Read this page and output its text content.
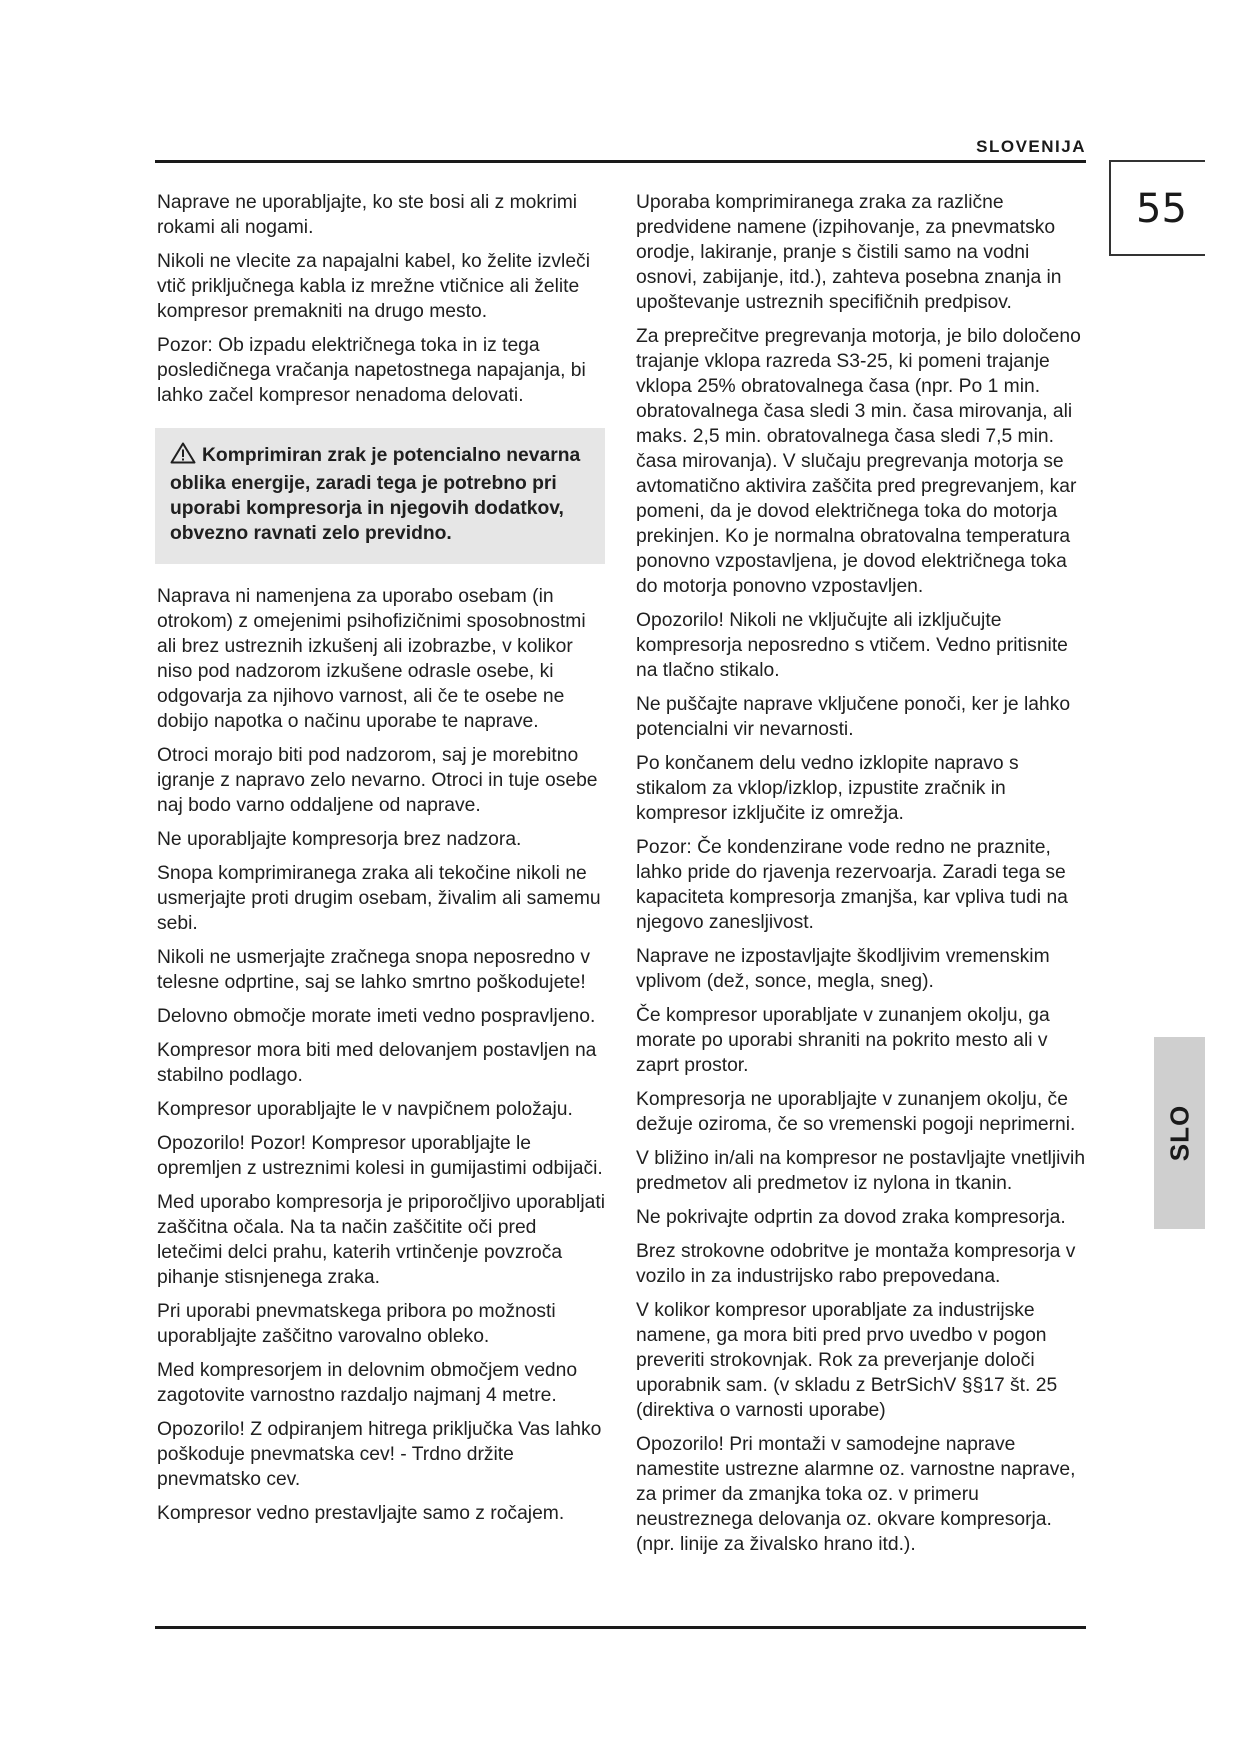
SLOVENIJA
55
SLO

Naprave ne uporabljajte, ko ste bosi ali z mokrimi rokami ali nogami.

Nikoli ne vlecite za napajalni kabel, ko želite izvleči vtič priključnega kabla iz mrežne vtičnice ali želite kompresor premakniti na drugo mesto.

Pozor: Ob izpadu električnega toka in iz tega posledičnega vračanja napetostnega napajanja, bi lahko začel kompresor nenadoma delovati.

Komprimiran zrak je potencialno nevarna oblika energije, zaradi tega je potrebno pri uporabi kompresorja in njegovih dodatkov, obvezno ravnati zelo previdno.

Naprava ni namenjena za uporabo osebam (in otrokom) z omejenimi psihofizičnimi sposobnostmi ali brez ustreznih izkušenj ali izobrazbe, v kolikor niso pod nadzorom izkušene odrasle osebe, ki odgovarja za njihovo varnost, ali če te osebe ne dobijo napotka o načinu uporabe te naprave.

Otroci morajo biti pod nadzorom, saj je morebitno igranje z napravo zelo nevarno. Otroci in tuje osebe naj bodo varno oddaljene od naprave.

Ne uporabljajte kompresorja brez nadzora.

Snopa komprimiranega zraka ali tekočine nikoli ne usmerjajte proti drugim osebam, živalim ali samemu sebi.

Nikoli ne usmerjajte zračnega snopa neposredno v telesne odprtine, saj se lahko smrtno poškodujete!

Delovno območje morate imeti vedno pospravljeno.

Kompresor mora biti med delovanjem postavljen na stabilno podlago.

Kompresor uporabljajte le v navpičnem položaju.

Opozorilo! Pozor! Kompresor uporabljajte le opremljen z ustreznimi kolesi in gumijastimi odbijači.

Med uporabo kompresorja je priporočljivo uporabljati zaščitna očala. Na ta način zaščitite oči pred letečimi delci prahu, katerih vrtinčenje povzroča pihanje stisnjenega zraka.

Pri uporabi pnevmatskega pribora po možnosti uporabljajte zaščitno varovalno obleko.

Med kompresorjem in delovnim območjem vedno zagotovite varnostno razdaljo najmanj 4 metre.

Opozorilo! Z odpiranjem hitrega priključka Vas lahko poškoduje pnevmatska cev! - Trdno držite pnevmatsko cev.

Kompresor vedno prestavljajte samo z ročajem.

Uporaba komprimiranega zraka za različne predvidene namene (izpihovanje, za pnevmatsko orodje, lakiranje, pranje s čistili samo na vodni osnovi, zabijanje, itd.), zahteva posebna znanja in upoštevanje ustreznih specifičnih predpisov.

Za preprečitve pregrevanja motorja, je bilo določeno trajanje vklopa razreda S3-25, ki pomeni trajanje vklopa 25% obratovalnega časa (npr. Po 1 min. obratovalnega časa sledi 3 min. časa mirovanja, ali maks. 2,5 min. obratovalnega časa sledi 7,5 min. časa mirovanja). V slučaju pregrevanja motorja se avtomatično aktivira zaščita pred pregrevanjem, kar pomeni, da je dovod električnega toka do motorja prekinjen. Ko je normalna obratovalna temperatura ponovno vzpostavljena, je dovod električnega toka do motorja ponovno vzpostavljen.

Opozorilo! Nikoli ne vključujte ali izključujte kompresorja neposredno s vtičem. Vedno pritisnite na tlačno stikalo.

Ne puščajte naprave vključene ponoči, ker je lahko potencialni vir nevarnosti.

Po končanem delu vedno izklopite napravo s stikalom za vklop/izklop, izpustite zračnik in kompresor izključite iz omrežja.

Pozor: Če kondenzirane vode redno ne praznite, lahko pride do rjavenja rezervoarja. Zaradi tega se kapaciteta kompresorja zmanjša, kar vpliva tudi na njegovo zanesljivost.

Naprave ne izpostavljajte škodljivim vremenskim vplivom (dež, sonce, megla, sneg).

Če kompresor uporabljate v zunanjem okolju, ga morate po uporabi shraniti na pokrito mesto ali v zaprt prostor.

Kompresorja ne uporabljajte v zunanjem okolju, če dežuje oziroma, če so vremenski pogoji neprimerni.

V bližino in/ali na kompresor ne postavljajte vnetljivih predmetov ali predmetov iz nylona in tkanin.

Ne pokrivajte odprtin za dovod zraka kompresorja.

Brez strokovne odobritve je montaža kompresorja v vozilo in za industrijsko rabo prepovedana.

V kolikor kompresor uporabljate za industrijske namene, ga mora biti pred prvo uvedbo v pogon preveriti strokovnjak. Rok za preverjanje določi uporabnik sam. (v skladu z BetrSichV §§17 št. 25 (direktiva o varnosti uporabe)

Opozorilo! Pri montaži v samodejne naprave namestite ustrezne alarmne oz. varnostne naprave, za primer da zmanjka toka oz. v primeru neustreznega delovanja oz. okvare kompresorja. (npr. linije za živalsko hrano itd.).
